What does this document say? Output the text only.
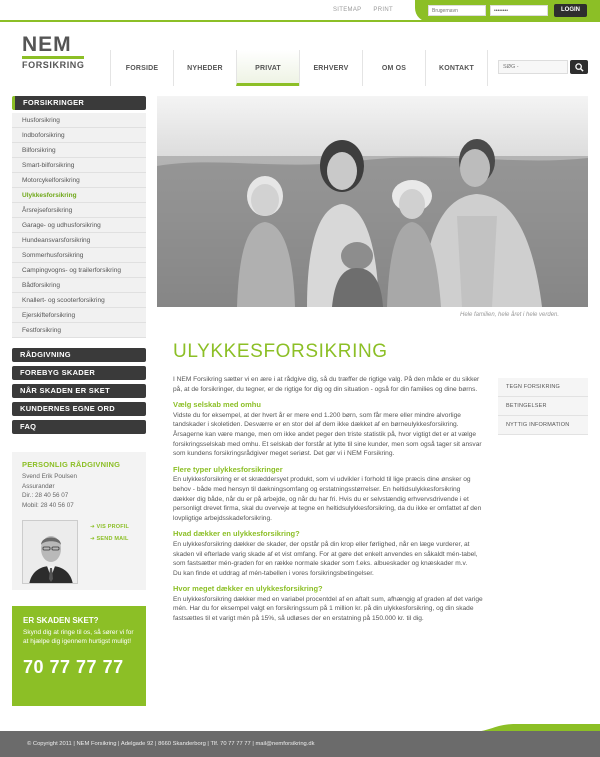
SITEMAP PRINT
Brugernavn
••••••••	LOGIN
NEM
FORSIKRING	FORSIDE	NYHEDER	PRIVAT	ERHVERV	OM OS	KONTAKT
SØG -
FORSIKRINGER
Husforsikring
Indboforsikring
Bilforsikring
Smart-bilforsikring
Motorcykelforsikring
Ulykkesforsikring
Årsrejseforsikring
Garage- og udhusforsikring
Hundeansvarsforsikring
Sommerhusforsikring
Campingvogns- og trailerforsikring
Bådforsikring
Knallert- og scooterforsikring
Ejerskifteforsikring
Festforsikring
RÅDGIVNING
FOREBYG SKADER
NÅR SKADEN ER SKET
KUNDERNES EGNE ORD
FAQ
PERSONLIG RÅDGIVNING
Svend Erik Poulsen
Assurandør
Dir.: 28 40 56 07
Mobil: 28 40 56 07
➜ VIS PROFIL
➜ SEND MAIL
ER SKADEN SKET?
Skynd dig at ringe til os, så sører vi for at hjælpe dig igennem hurtigst muligt!
70 77 77 77
Hele familien, hele året i hele verden.
ULYKKESFORSIKRING

I NEM Forsikring sætter vi en ære i at rådgive dig, så du træffer de rigtige valg. På den måde er du sikker på, at de forsikringer, du tegner, er de rigtige for dig og din situation - også for din families og dine børns.

Vælg selskab med omhu

Vidste du for eksempel, at der hvert år er mere end 1.200 børn, som får mere eller mindre alvorlige tandskader i skoletiden. Desværre er en stor del af dem ikke dækket af en børneulykkesforsikring. Årsagerne kan være mange, men om ikke andet peger den triste statistik på, hvor vigtigt det er at vælge forsikringsselskab med omhu. Et selskab der forstår at lytte til sine kunder, men som også tager sit ansvar som kundens forsikringsrådgiver meget seriøst. Det gør vi i NEM Forsikring.

Flere typer ulykkesforsikringer

En ulykkesforsikring er et skræddersyet produkt, som vi udvikler i forhold til lige præcis dine ønsker og behov - både med hensyn til dækningsomfang og erstatningsstørrelser. En heltidsulykkesforsikring dækker dig både, når du er på arbejde, og når du har fri. Hvis du er selvstændig erhvervsdrivende i et personligt drevet firma, skal du overveje at tegne en heltidsulykkesforsikring, da du ikke er omfattet af den lovpligtige arbejdsskadeforsikring.

Hvad dækker en ulykkesforsikring?

En ulykkesforsikring dækker de skader, der opstår på din krop eller førlighed, når en læge vurderer, at skaden vil efterlade varig skade af et vist omfang. For at gøre det enkelt anvendes en såkaldt mén-tabel, som fastsætter mén-graden for en række normale skader som f.eks. albueskader og knæskader m.v.

Du kan finde et uddrag af mén-tabellen i vores forsikringsbetingelser.

Hvor meget dækker en ulykkesforsikring?

En ulykkesforsikring dækker med en variabel procentdel af en aftalt sum, afhængig af graden af det varige mén. Har du for eksempel valgt en forsikringssum på 1 million kr. på din ulykkesforsikring, og din skade fastsættes til et varigt mén på 15%, så udløses der en erstatning på 150.000 kr. til dig.

TEGN FORSIKRING
BETINGELSER
NYTTIG INFORMATION
© Copyright 2011 | NEM Forsikring | Adelgade 92 | 8660 Skanderborg | Tlf. 70 77 77 77 | mail@nemforsikring.dk
